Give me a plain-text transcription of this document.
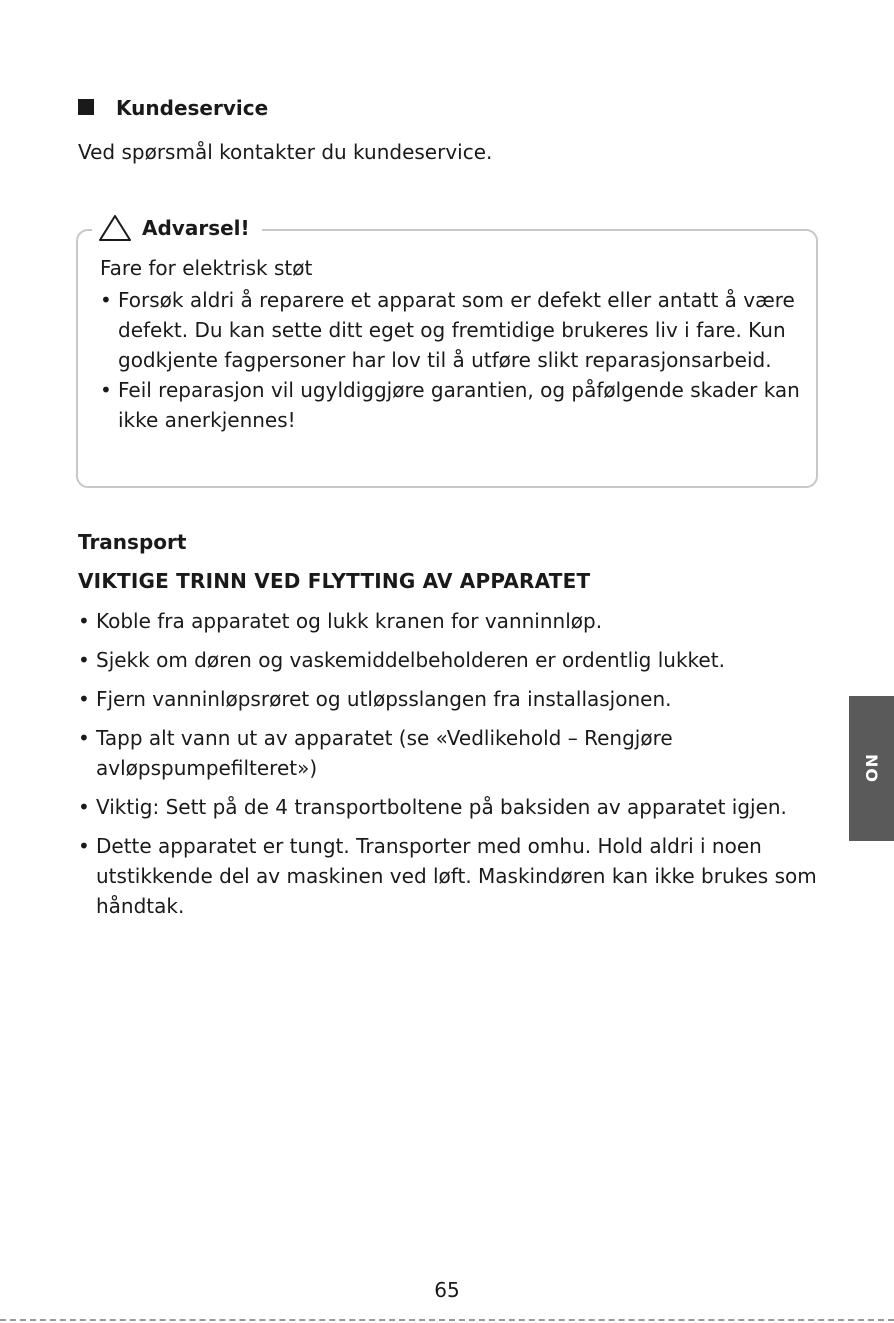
Kundeservice
Ved spørsmål kontakter du kundeservice.
Advarsel!
Fare for elektrisk støt
• Forsøk aldri å reparere et apparat som er defekt eller antatt å være defekt. Du kan sette ditt eget og fremtidige brukeres liv i fare. Kun godkjente fagpersoner har lov til å utføre slikt reparasjonsarbeid.
• Feil reparasjon vil ugyldiggjøre garantien, og påfølgende skader kan ikke anerkjennes!
Transport
VIKTIGE TRINN VED FLYTTING AV APPARATET
• Koble fra apparatet og lukk kranen for vanninnløp.
• Sjekk om døren og vaskemiddelbeholderen er ordentlig lukket.
• Fjern vanninløpsrøret og utløpsslangen fra installasjonen.
• Tapp alt vann ut av apparatet (se «Vedlikehold – Rengjøre avløpspumpefilteret»)
• Viktig: Sett på de 4 transportboltene på baksiden av apparatet igjen.
• Dette apparatet er tungt. Transporter med omhu. Hold aldri i noen utstikkende del av maskinen ved løft. Maskindøren kan ikke brukes som håndtak.
NO
65
